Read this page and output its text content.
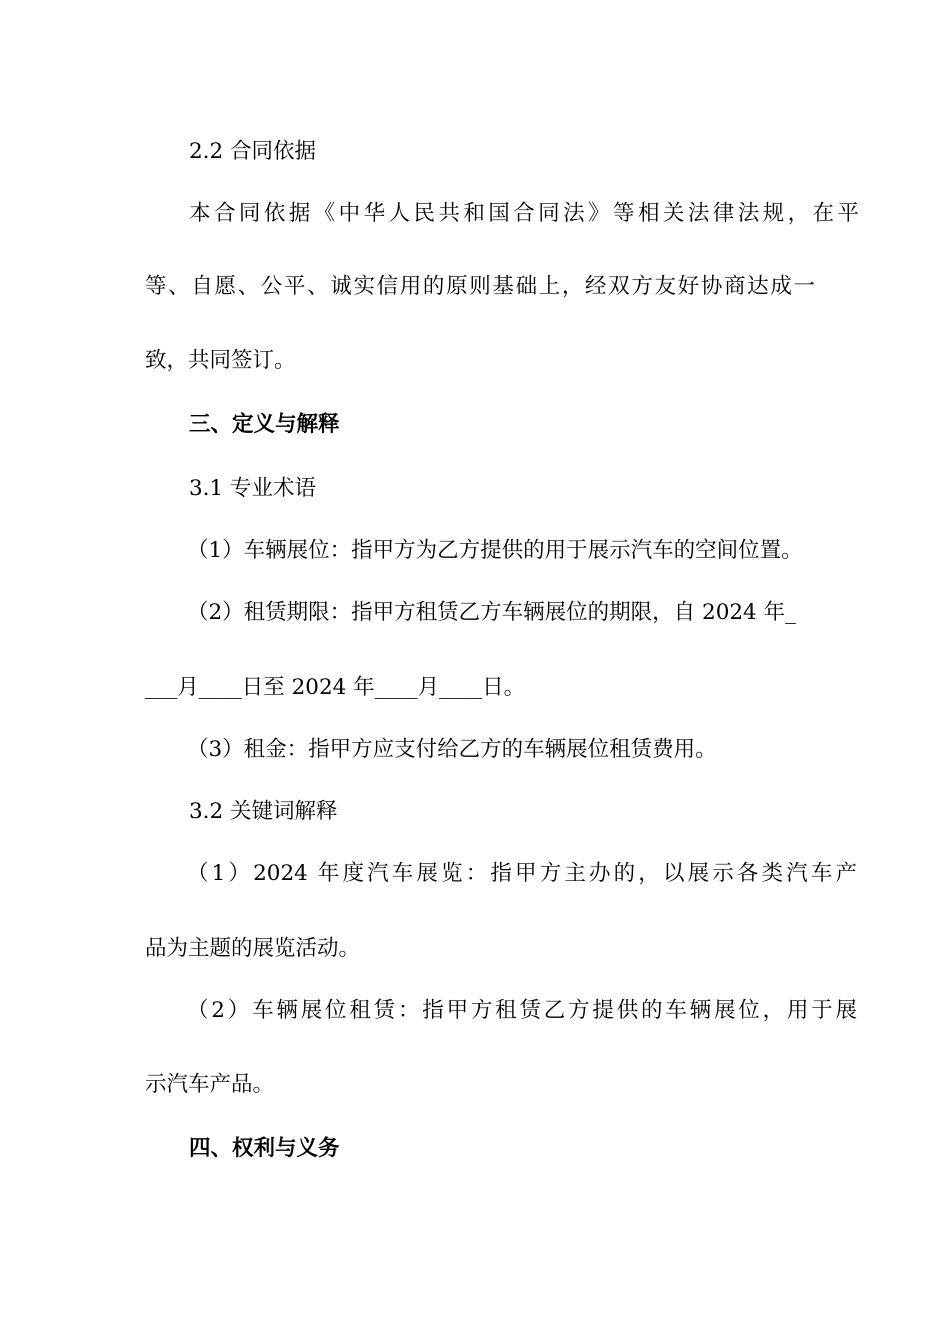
2.2 合同依据
本合同依据《中华人民共和国合同法》等相关法律法规，在平
等、自愿、公平、诚实信用的原则基础上，经双方友好协商达成一
致，共同签订。
三、定义与解释
3.1 专业术语
（1）车辆展位：指甲方为乙方提供的用于展示汽车的空间位置。
（2）租赁期限：指甲方租赁乙方车辆展位的期限，自 2024 年_
___月____日至 2024 年____月____日。
（3）租金：指甲方应支付给乙方的车辆展位租赁费用。
3.2 关键词解释
（1）2024 年度汽车展览：指甲方主办的，以展示各类汽车产
品为主题的展览活动。
（2）车辆展位租赁：指甲方租赁乙方提供的车辆展位，用于展
示汽车产品。
四、权利与义务
